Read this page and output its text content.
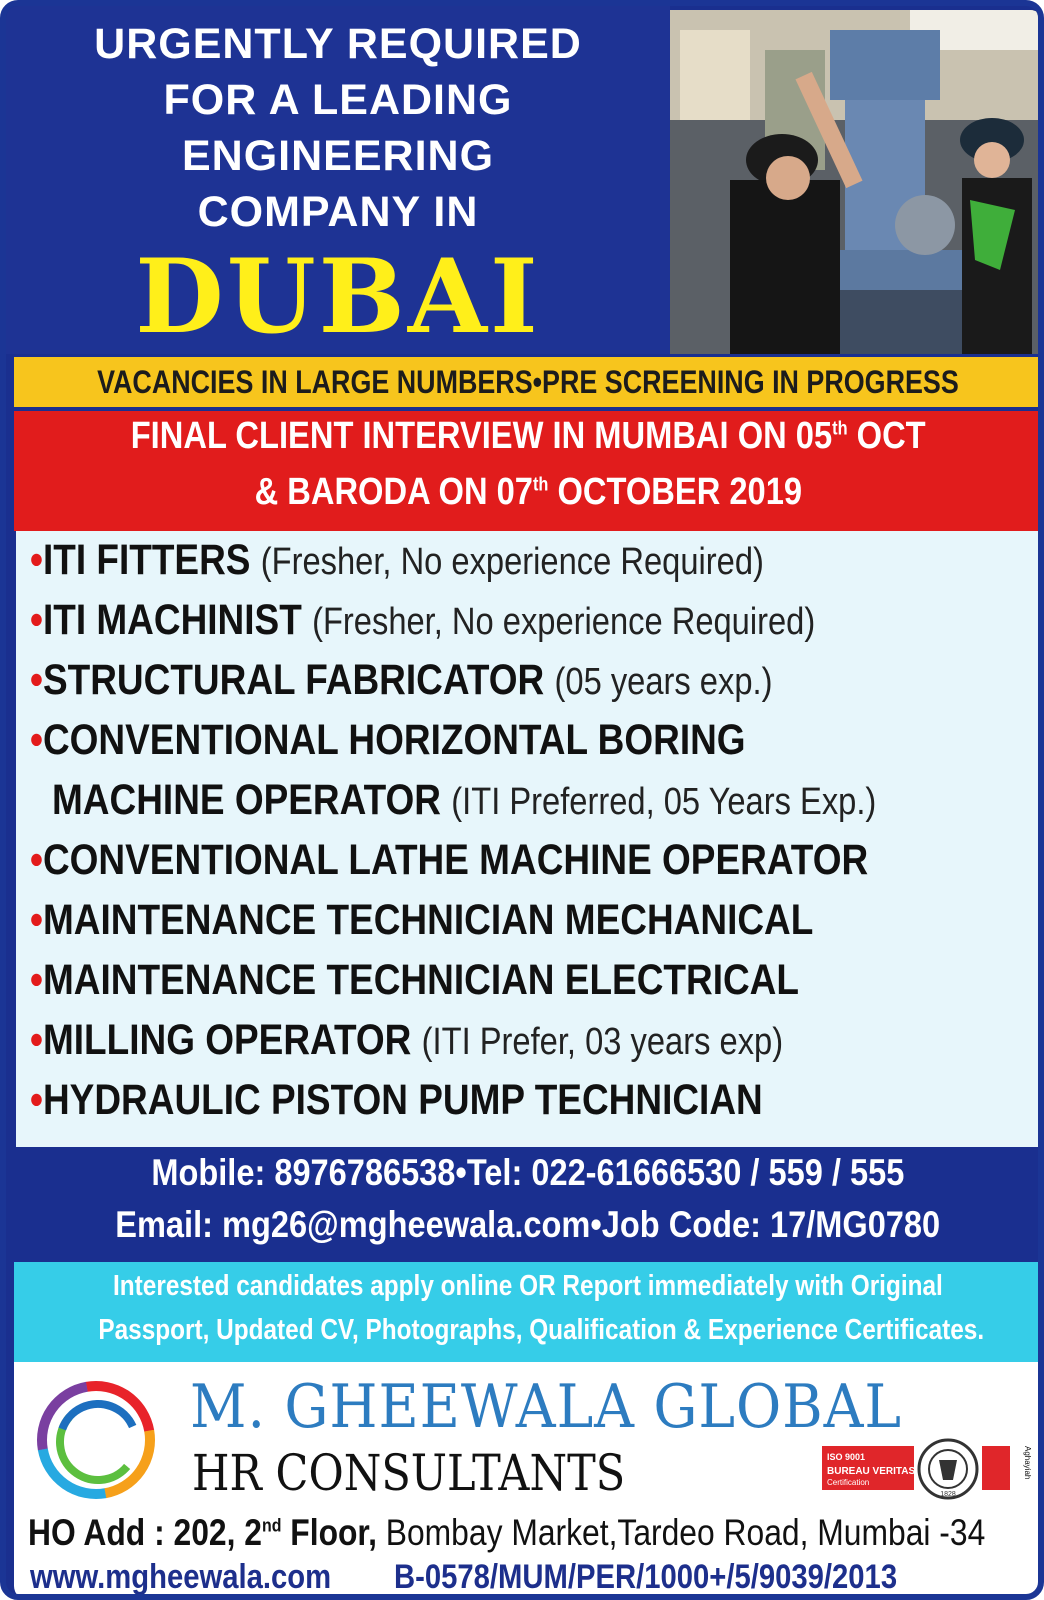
URGENTLY REQUIRED
FOR A LEADING
ENGINEERING
COMPANY IN
DUBAI
VACANCIES IN LARGE NUMBERS•PRE SCREENING IN PROGRESS
FINAL CLIENT INTERVIEW IN MUMBAI ON 05th OCT
& BARODA ON 07th OCTOBER 2019
•ITI FITTERS (Fresher, No experience Required)
•ITI MACHINIST (Fresher, No experience Required)
•STRUCTURAL FABRICATOR (05 years exp.)
•CONVENTIONAL HORIZONTAL BORING
MACHINE OPERATOR (ITI Preferred, 05 Years Exp.)
•CONVENTIONAL LATHE MACHINE OPERATOR
•MAINTENANCE TECHNICIAN MECHANICAL
•MAINTENANCE TECHNICIAN ELECTRICAL
•MILLING OPERATOR (ITI Prefer, 03 years exp)
•HYDRAULIC PISTON PUMP TECHNICIAN
Mobile: 8976786538•Tel: 022-61666530 / 559 / 555
Email: mg26@mgheewala.com•Job Code: 17/MG0780
Interested candidates apply online OR Report immediately with Original
Passport, Updated CV, Photographs, Qualification & Experience Certificates.
M. GHEEWALA GLOBAL
HR CONSULTANTS	ISO 9001
BUREAU VERITAS
Certification
1828
Aghayiah
HO Add : 202, 2nd Floor, Bombay Market,Tardeo Road, Mumbai -34
www.mgheewala.com	B-0578/MUM/PER/1000+/5/9039/2013
